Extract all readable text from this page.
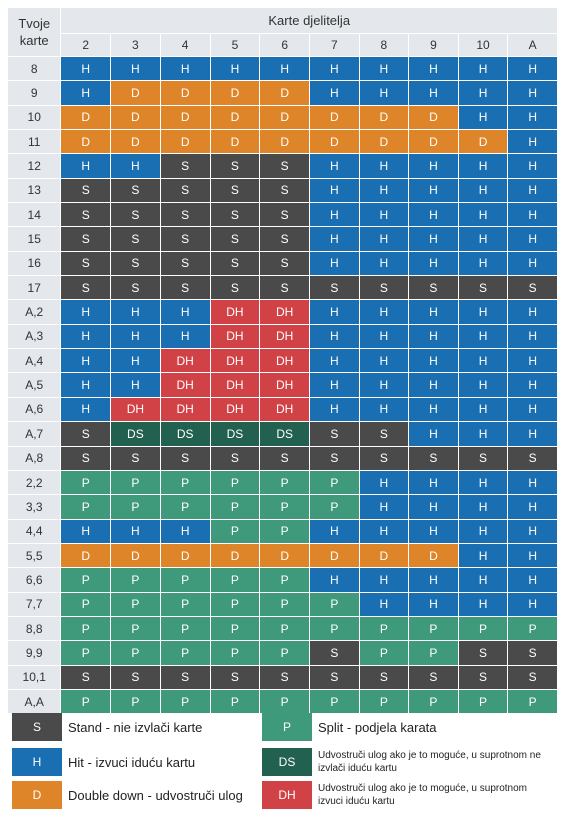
Tvoje karte	Karte djelitelja									
	2	3	4	5	6	7	8	9	10	A
8	H	H	H	H	H	H	H	H	H	H
9	H	D	D	D	D	H	H	H	H	H
10	D	D	D	D	D	D	D	D	H	H
11	D	D	D	D	D	D	D	D	D	H
12	H	H	S	S	S	H	H	H	H	H
13	S	S	S	S	S	H	H	H	H	H
14	S	S	S	S	S	H	H	H	H	H
15	S	S	S	S	S	H	H	H	H	H
16	S	S	S	S	S	H	H	H	H	H
17	S	S	S	S	S	S	S	S	S	S
A,2	H	H	H	DH	DH	H	H	H	H	H
A,3	H	H	H	DH	DH	H	H	H	H	H
A,4	H	H	DH	DH	DH	H	H	H	H	H
A,5	H	H	DH	DH	DH	H	H	H	H	H
A,6	H	DH	DH	DH	DH	H	H	H	H	H
A,7	S	DS	DS	DS	DS	S	S	H	H	H
A,8	S	S	S	S	S	S	S	S	S	S
2,2	P	P	P	P	P	P	H	H	H	H
3,3	P	P	P	P	P	P	H	H	H	H
4,4	H	H	H	P	P	H	H	H	H	H
5,5	D	D	D	D	D	D	D	D	H	H
6,6	P	P	P	P	P	H	H	H	H	H
7,7	P	P	P	P	P	P	H	H	H	H
8,8	P	P	P	P	P	P	P	P	P	P
9,9	P	P	P	P	P	S	P	P	S	S
10,1	S	S	S	S	S	S	S	S	S	S
A,A	P	P	P	P	P	P	P	P	P	P
S	Stand - nie izvlači karte
H	Hit - izvuci iduću kartu
D	Double down - udvostruči ulog
P	Split - podjela karata
DS	Udvostruči ulog ako je to moguće, u suprotnom ne izvlači iduću kartu
DH	Udvostruči ulog ako je to moguće, u suprotnom izvuci iduću kartu
